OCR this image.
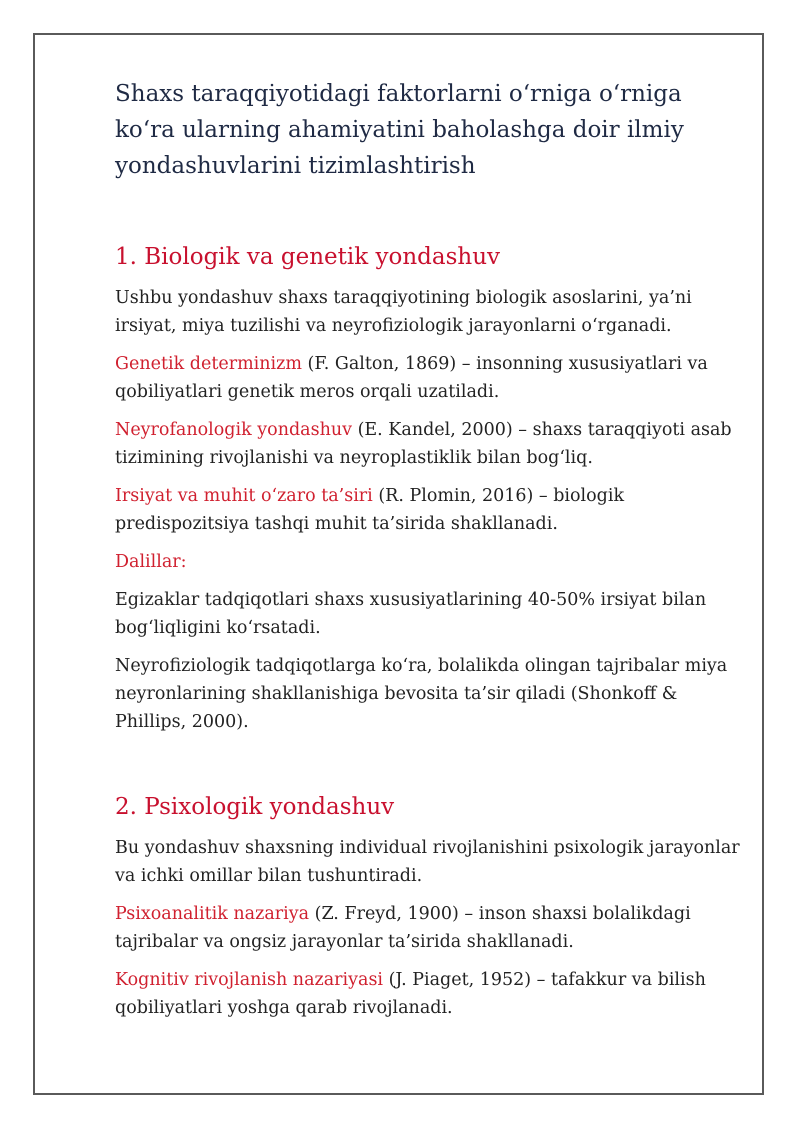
Shaxs taraqqiyotidagi faktorlarni oʻrniga oʻrniga koʻra ularning ahamiyatini baholashga doir ilmiy yondashuvlarini tizimlashtirish
1. Biologik va genetik yondashuv

Ushbu yondashuv shaxs taraqqiyotining biologik asoslarini, ya’ni irsiyat, miya tuzilishi va neyrofiziologik jarayonlarni o‘rganadi.

Genetik determinizm (F. Galton, 1869) – insonning xususiyatlari va qobiliyatlari genetik meros orqali uzatiladi.

Neyrofanologik yondashuv (E. Kandel, 2000) – shaxs taraqqiyoti asab tizimining rivojlanishi va neyroplastiklik bilan bog‘liq.

Irsiyat va muhit o‘zaro ta’siri (R. Plomin, 2016) – biologik predispozitsiya tashqi muhit ta’sirida shakllanadi.

Dalillar:

Egizaklar tadqiqotlari shaxs xususiyatlarining 40-50% irsiyat bilan bog‘liqligini ko‘rsatadi.

Neyrofiziologik tadqiqotlarga ko‘ra, bolalikda olingan tajribalar miya neyronlarining shakllanishiga bevosita ta’sir qiladi (Shonkoff & Phillips, 2000).

2. Psixologik yondashuv

Bu yondashuv shaxsning individual rivojlanishini psixologik jarayonlar va ichki omillar bilan tushuntiradi.

Psixoanalitik nazariya (Z. Freyd, 1900) – inson shaxsi bolalikdagi tajribalar va ongsiz jarayonlar ta’sirida shakllanadi.

Kognitiv rivojlanish nazariyasi (J. Piaget, 1952) – tafakkur va bilish qobiliyatlari yoshga qarab rivojlanadi.
